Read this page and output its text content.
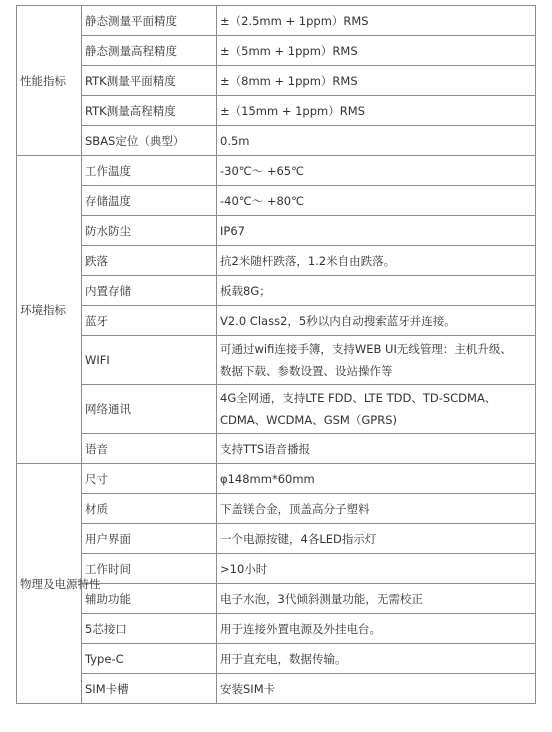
性能指标	静态测量平面精度	±（2.5mm + 1ppm）RMS
	静态测量高程精度	±（5mm + 1ppm）RMS
	RTK测量平面精度	±（8mm + 1ppm）RMS
	RTK测量高程精度	±（15mm + 1ppm）RMS
	SBAS定位（典型）	0.5m
环境指标	工作温度	-30℃～ +65℃
	存储温度	-40℃～ +80℃
	防水防尘	IP67
	跌落	抗2米随杆跌落，1.2米自由跌落。
	内置存储	板载8G；
	蓝牙	V2.0 Class2，5秒以内自动搜索蓝牙并连接。
	WIFI	可通过wifi连接手簿，支持WEB UI无线管理：主机升级、
数据下载、参数设置、设站操作等

	网络通讯	4G全网通，支持LTE FDD、LTE TDD、TD-SCDMA、
CDMA、WCDMA、GSM（GPRS)

	语音	支持TTS语音播报
物理及电源特性	尺寸	φ148mm*60mm
	材质	下盖镁合金，顶盖高分子塑料
	用户界面	一个电源按键，4各LED指示灯
	工作时间	>10小时
	辅助功能	电子水泡，3代倾斜测量功能，无需校正
	5芯接口	用于连接外置电源及外挂电台。
	Type-C	用于直充电，数据传输。
	SIM卡槽	安装SIM卡
